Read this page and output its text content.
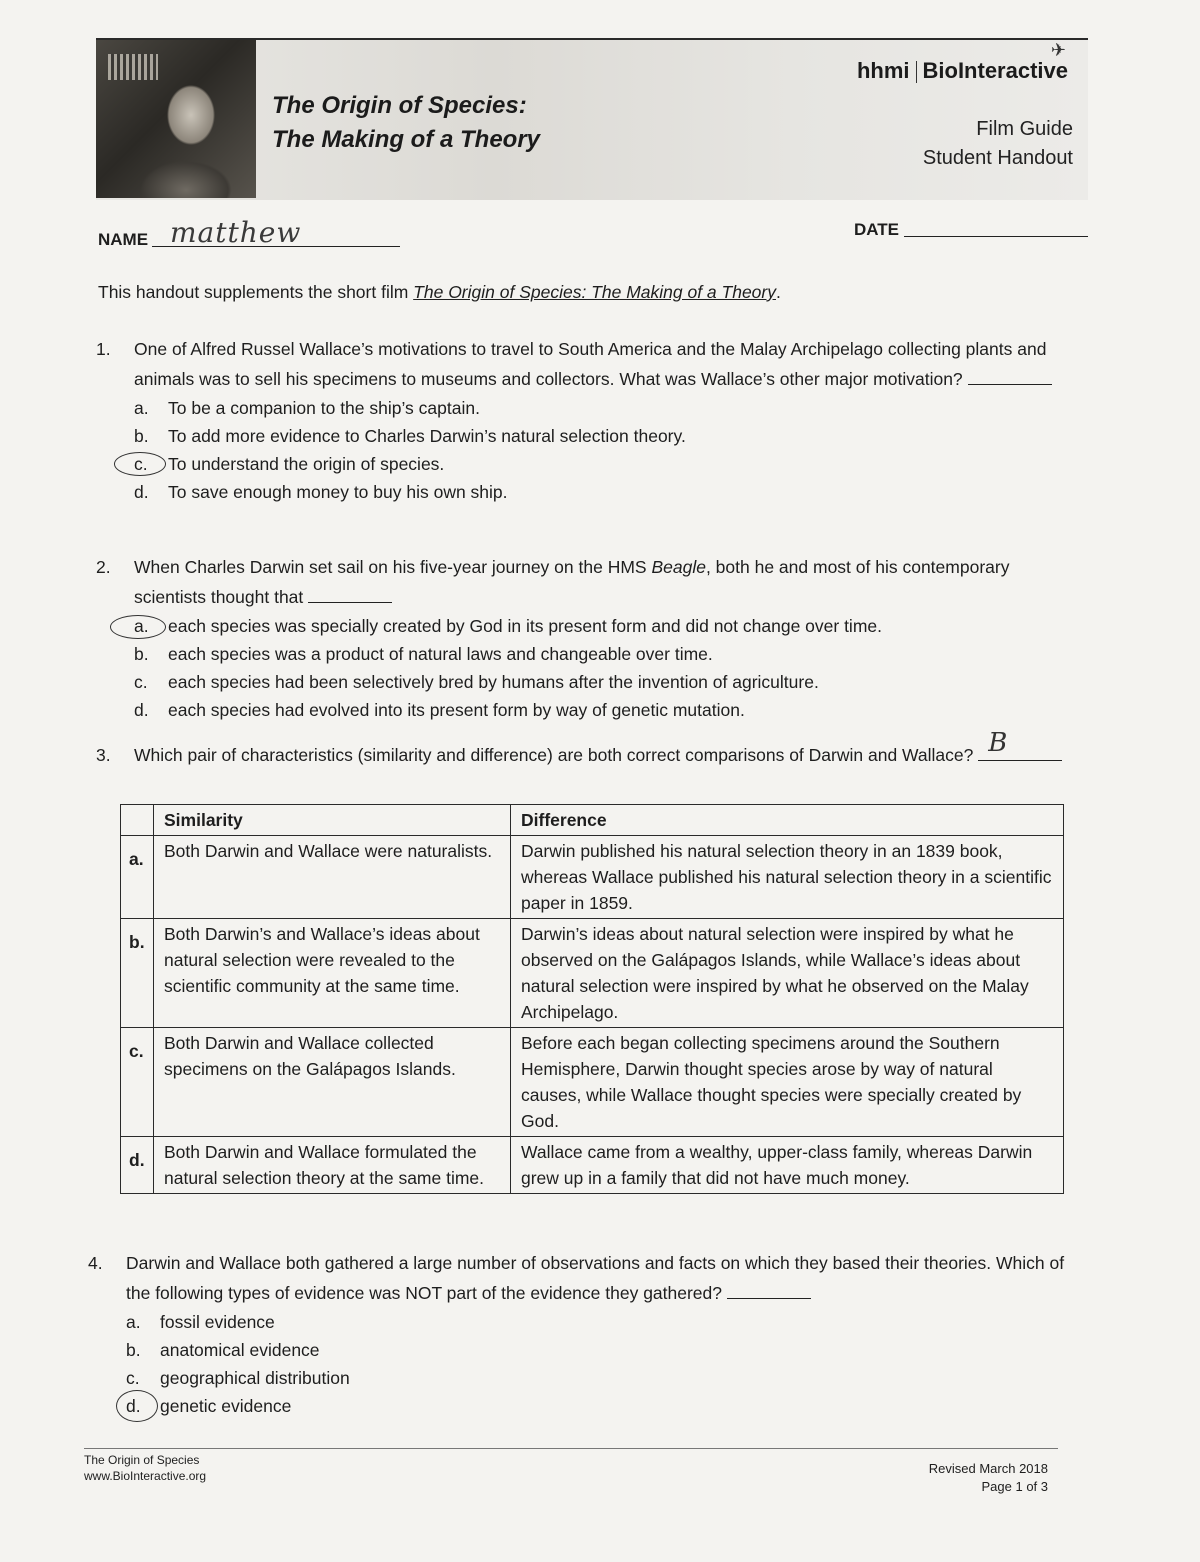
The Origin of Species:
The Making of a Theory
✈
hhmi BioInteractive

Film Guide

Student Handout

NAME matthew	DATE

This handout supplements the short film The Origin of Species: The Making of a Theory.

1. One of Alfred Russel Wallace’s motivations to travel to South America and the Malay Archipelago collecting plants and animals was to sell his specimens to museums and collectors. What was Wallace’s other major motivation?
a. To be a companion to the ship’s captain.
b. To add more evidence to Charles Darwin’s natural selection theory.
c. To understand the origin of species.
d. To save enough money to buy his own ship.
2. When Charles Darwin set sail on his five-year journey on the HMS Beagle, both he and most of his contemporary scientists thought that
a. each species was specially created by God in its present form and did not change over time.
b. each species was a product of natural laws and changeable over time.
c. each species had been selectively bred by humans after the invention of agriculture.
d. each species had evolved into its present form by way of genetic mutation.
3. Which pair of characteristics (similarity and difference) are both correct comparisons of Darwin and Wallace? B
	Similarity	Difference
a.	Both Darwin and Wallace were naturalists.	Darwin published his natural selection theory in an 1839 book, whereas Wallace published his natural selection theory in a scientific paper in 1859.
b.	Both Darwin’s and Wallace’s ideas about natural selection were revealed to the scientific community at the same time.	Darwin’s ideas about natural selection were inspired by what he observed on the Galápagos Islands, while Wallace’s ideas about natural selection were inspired by what he observed on the Malay Archipelago.
c.	Both Darwin and Wallace collected specimens on the Galápagos Islands.	Before each began collecting specimens around the Southern Hemisphere, Darwin thought species arose by way of natural causes, while Wallace thought species were specially created by God.
d.	Both Darwin and Wallace formulated the natural selection theory at the same time.	Wallace came from a wealthy, upper-class family, whereas Darwin grew up in a family that did not have much money.
4. Darwin and Wallace both gathered a large number of observations and facts on which they based their theories. Which of the following types of evidence was NOT part of the evidence they gathered?
a. fossil evidence
b. anatomical evidence
c. geographical distribution
d. genetic evidence
The Origin of Species
www.BioInteractive.org	Revised March 2018
Page 1 of 3
